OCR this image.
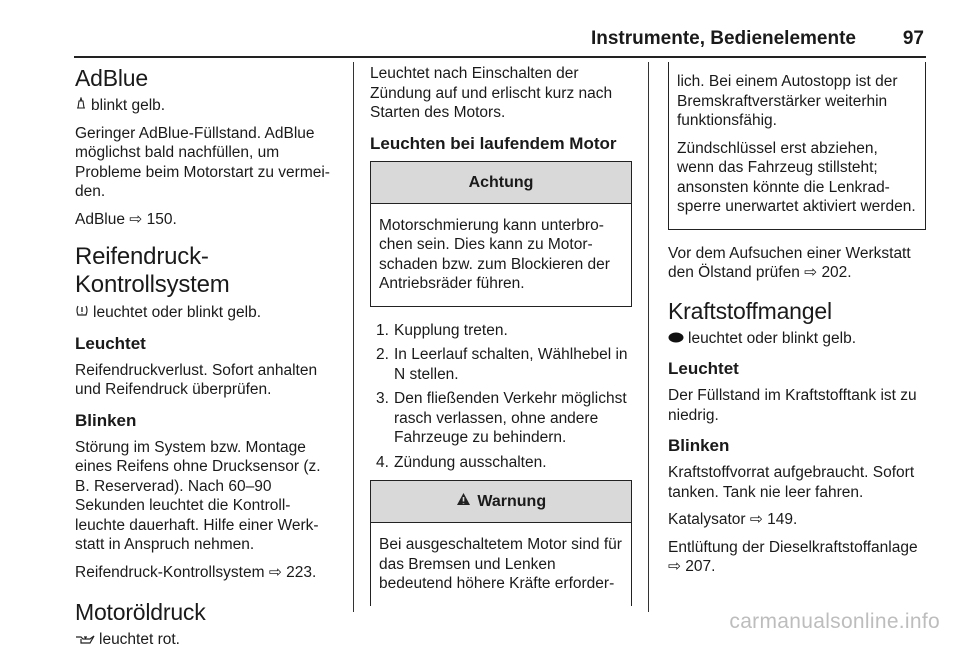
Instrumente, Bedienelemente 97
AdBlue

blinkt gelb.

Geringer AdBlue-Füllstand. AdBlue möglichst bald nachfüllen, um Probleme beim Motorstart zu vermei-den.

AdBlue ⇨ 150.

Reifendruck-Kontrollsystem

leuchtet oder blinkt gelb.

Leuchtet

Reifendruckverlust. Sofort anhalten und Reifendruck überprüfen.

Blinken

Störung im System bzw. Montage eines Reifens ohne Drucksensor (z. B. Reserverad). Nach 60–90 Sekunden leuchtet die Kontroll-leuchte dauerhaft. Hilfe einer Werk-statt in Anspruch nehmen.

Reifendruck-Kontrollsystem ⇨ 223.

Motoröldruck

leuchtet rot.

Leuchtet nach Einschalten der Zündung auf und erlischt kurz nach Starten des Motors.

Leuchten bei laufendem Motor
Achtung
Motorschmierung kann unterbro-chen sein. Dies kann zu Motor-schaden bzw. zum Blockieren der Antriebsräder führen.
1. Kupplung treten.
2. In Leerlauf schalten, Wählhebel in N stellen.
3. Den fließenden Verkehr möglichst rasch verlassen, ohne andere Fahrzeuge zu behindern.
4. Zündung ausschalten.
Warnung
Bei ausgeschaltetem Motor sind für das Bremsen und Lenken bedeutend höhere Kräfte erforder-

lich. Bei einem Autostopp ist der Bremskraftverstärker weiterhin funktionsfähig.

Zündschlüssel erst abziehen, wenn das Fahrzeug stillsteht; ansonsten könnte die Lenkrad-sperre unerwartet aktiviert werden.

Vor dem Aufsuchen einer Werkstatt den Ölstand prüfen ⇨ 202.

Kraftstoffmangel

leuchtet oder blinkt gelb.

Leuchtet

Der Füllstand im Kraftstofftank ist zu niedrig.

Blinken

Kraftstoffvorrat aufgebraucht. Sofort tanken. Tank nie leer fahren.

Katalysator ⇨ 149.

Entlüftung der Dieselkraftstoffanlage ⇨ 207.

carmanualsonline.info
